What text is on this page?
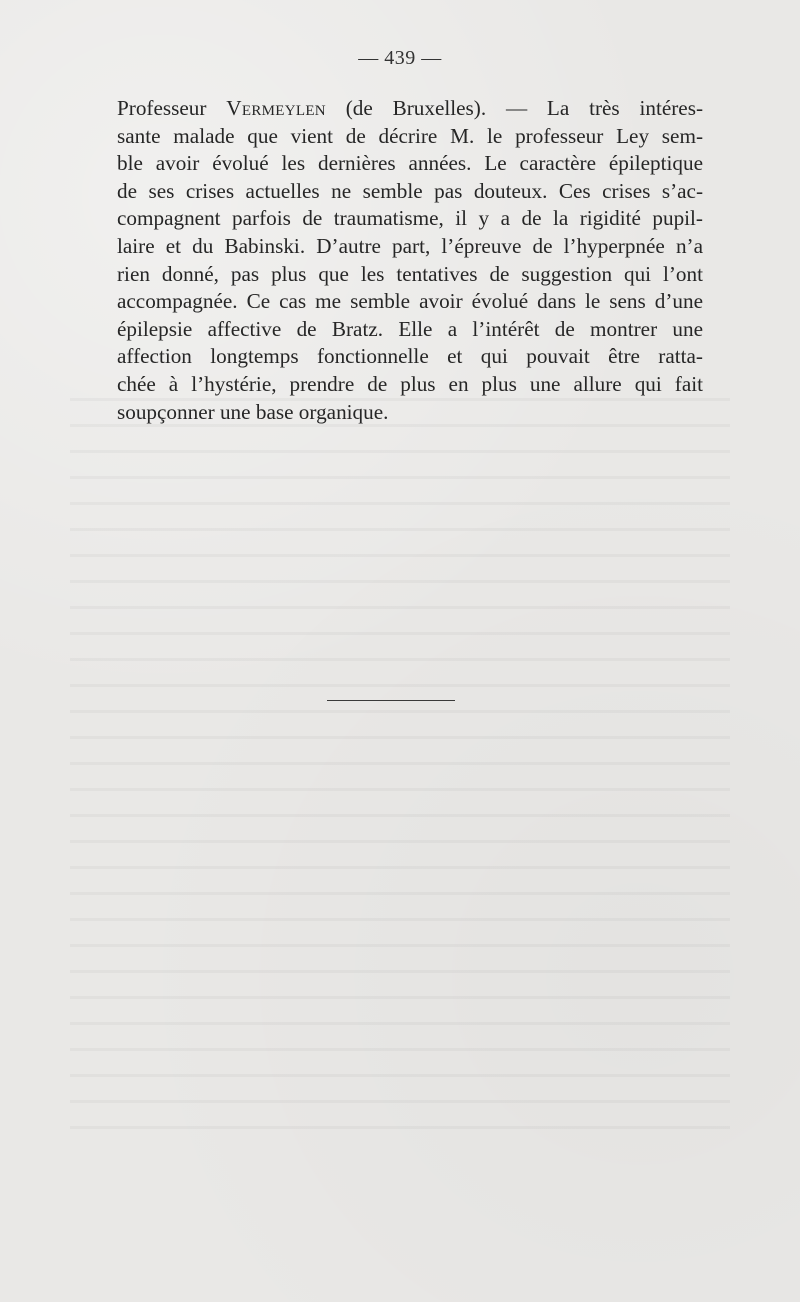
— 439 —
Professeur Vermeylen (de Bruxelles). — La très intéres-
sante malade que vient de décrire M. le professeur Ley sem-
ble avoir évolué les dernières années. Le caractère épileptique
de ses crises actuelles ne semble pas douteux. Ces crises s’ac-
compagnent parfois de traumatisme, il y a de la rigidité pupil-
laire et du Babinski. D’autre part, l’épreuve de l’hyperpnée n’a
rien donné, pas plus que les tentatives de suggestion qui l’ont
accompagnée. Ce cas me semble avoir évolué dans le sens d’une
épilepsie affective de Bratz. Elle a l’intérêt de montrer une
affection longtemps fonctionnelle et qui pouvait être ratta-
chée à l’hystérie, prendre de plus en plus une allure qui fait
soupçonner une base organique.
